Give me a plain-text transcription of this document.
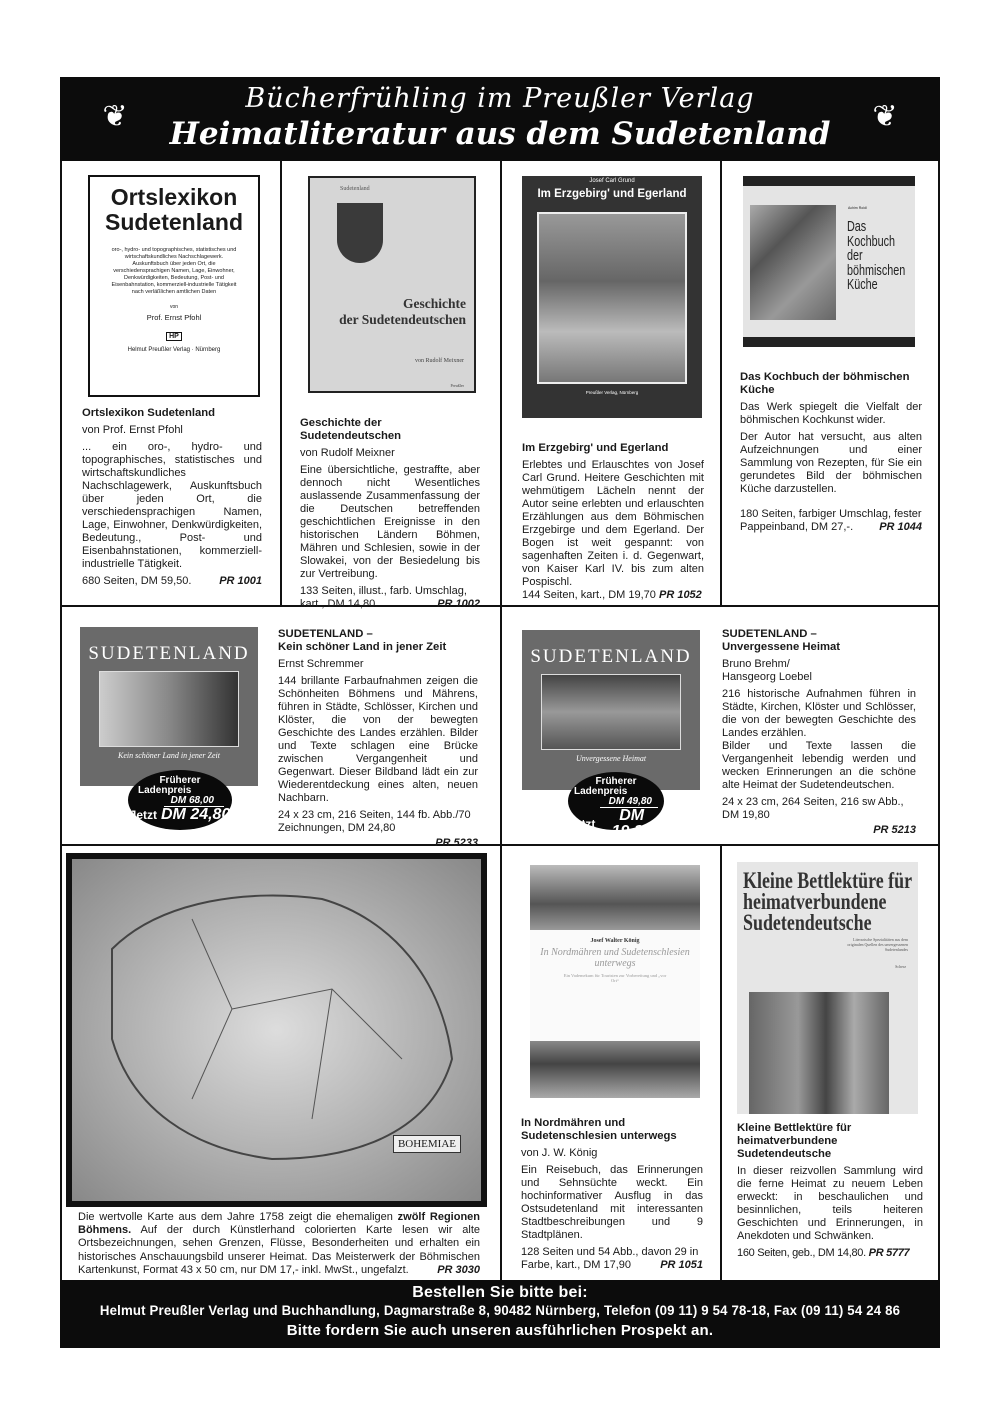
Bücherfrühling im Preußler Verlag
Heimatliteratur aus dem Sudetenland
❦	❦
Ortslexikon
Sudetenland
oro-, hydro- und topographisches, statistisches und wirtschaftskundliches Nachschlagewerk. Auskunftsbuch über jeden Ort, die verschiedensprachigen Namen, Lage, Einwohner, Denkwürdigkeiten, Bedeutung, Post- und Eisenbahnstation, kommerziell-industrielle Tätigkeit nach verläßlichen amtlichen Daten
von
Prof. Ernst Pfohl
HP
Helmut Preußler Verlag · Nürnberg
Sudetenland
Geschichte
der Sudetendeutschen
von Rudolf Meixner
Preußler
Josef Carl Grund
Im Erzgebirg' und Egerland
Preußler Verlag, Nürnberg
Achim Roidl
Das
Kochbuch
der
böhmischen
Küche
Ortslexikon Sudetenland
von Prof. Ernst Pfohl

... ein oro-, hydro- und topographisches, statistisches und wirtschaftskundliches Nachschlagewerk, Auskunftsbuch über jeden Ort, die verschiedensprachigen Namen, Lage, Einwohner, Denkwürdigkeiten, Bedeutung., Post- und Eisenbahnstationen, kommerziell-industrielle Tätigkeit.

680 Seiten, DM 59,50.	PR 1001
Geschichte der Sudetendeutschen
von Rudolf Meixner

Eine übersichtliche, gestraffte, aber dennoch nicht Wesentliches auslassende Zusammenfassung der die Deutschen betreffenden geschichtlichen Ereignisse in den historischen Ländern Böhmen, Mähren und Schlesien, sowie in der Slowakei, von der Besiedelung bis zur Vertreibung.

133 Seiten, illust., farb. Umschlag, kart., DM 14,80.	PR 1002
Im Erzgebirg' und Egerland

Erlebtes und Erlauschtes von Josef Carl Grund. Heitere Geschichten mit wehmütigem Lächeln nennt der Autor seine erlebten und erlauschten Erzählungen aus dem Böhmischen Erzgebirge und dem Egerland. Der Bogen ist weit gespannt: von sagenhaften Zeiten i. d. Gegenwart, von Kaiser Karl IV. bis zum alten Pospischl.

144 Seiten, kart., DM 19,70 PR 1052
Das Kochbuch der böhmischen Küche

Das Werk spiegelt die Vielfalt der böhmischen Kochkunst wider.

Der Autor hat versucht, aus alten Aufzeichnungen und einer Sammlung von Rezepten, für Sie ein gerundetes Bild der böhmischen Küche darzustellen.

180 Seiten, farbiger Umschlag, fester Pappeinband, DM 27,-. PR 1044
SUDETENLAND
Kein schöner Land in jener Zeit
Früherer
Ladenpreis
DM 68,00
Jetzt DM 24,80
SUDETENLAND
Unvergessene Heimat
Früherer
Ladenpreis
DM 49,80
Jetzt	DM 19,80
SUDETENLAND –
Kein schöner Land in jener Zeit
Ernst Schremmer

144 brillante Farbaufnahmen zeigen die Schönheiten Böhmens und Mährens, führen in Städte, Schlösser, Kirchen und Klöster, die von der bewegten Geschichte des Landes erzählen. Bilder und Texte schlagen eine Brücke zwischen Vergangenheit und Gegenwart. Dieser Bildband lädt ein zur Wiederentdeckung eines alten, neuen Nachbarn.

24 x 23 cm, 216 Seiten, 144 fb. Abb./70 Zeichnungen, DM 24,80
PR 5233
SUDETENLAND –
Unvergessene Heimat
Bruno Brehm/ Hansgeorg Loebel

216 historische Aufnahmen führen in Städte, Kirchen, Klöster und Schlösser, die von der bewegten Geschichte des Landes erzählen.

Bilder und Texte lassen die Vergangenheit lebendig werden und wecken Erinnerungen an die schöne alte Heimat der Sudetendeutschen.

24 x 23 cm, 264 Seiten, 216 sw Abb., DM 19,80
PR 5213
BOHEMIAE
Die wertvolle Karte aus dem Jahre 1758 zeigt die ehemaligen zwölf Regionen Böhmens. Auf der durch Künstlerhand colorierten Karte lesen wir alte Ortsbezeichnungen, sehen Grenzen, Flüsse, Besonderheiten und erhalten ein historisches Anschauungsbild unserer Heimat. Das Meisterwerk der Böhmischen Kartenkunst, Format 43 x 50 cm, nur DM 17,- inkl. MwSt., ungefalzt.	PR 3030
Josef Walter König
In Nordmähren und Sudetenschlesien unterwegs
Ein Vademekum für Touristen zur Vorbereitung und „vor Ort“
Kleine Bettlektüre für heimatverbundene Sudetendeutsche
Literarische Spezialitäten aus dem originalen Quellen des unvergessenen Sudetenlandes
Scherz
In Nordmähren und Sudetenschlesien unterwegs
von J. W. König

Ein Reisebuch, das Erinnerungen und Sehnsüchte weckt. Ein hochinformativer Ausflug in das Ostsudetenland mit interessanten Stadtbeschreibungen und 9 Stadtplänen.

128 Seiten und 54 Abb., davon 29 in Farbe, kart., DM 17,90	PR 1051
Kleine Bettlektüre für heimatverbundene Sudetendeutsche

In dieser reizvollen Sammlung wird die ferne Heimat zu neuem Leben erweckt: in beschaulichen und besinnlichen, teils heiteren Geschichten und Erinnerungen, in Anekdoten und Schwänken.

160 Seiten, geb., DM 14,80. PR 5777
Bestellen Sie bitte bei:
Helmut Preußler Verlag und Buchhandlung, Dagmarstraße 8, 90482 Nürnberg, Telefon (09 11) 9 54 78-18, Fax (09 11) 54 24 86
Bitte fordern Sie auch unseren ausführlichen Prospekt an.
